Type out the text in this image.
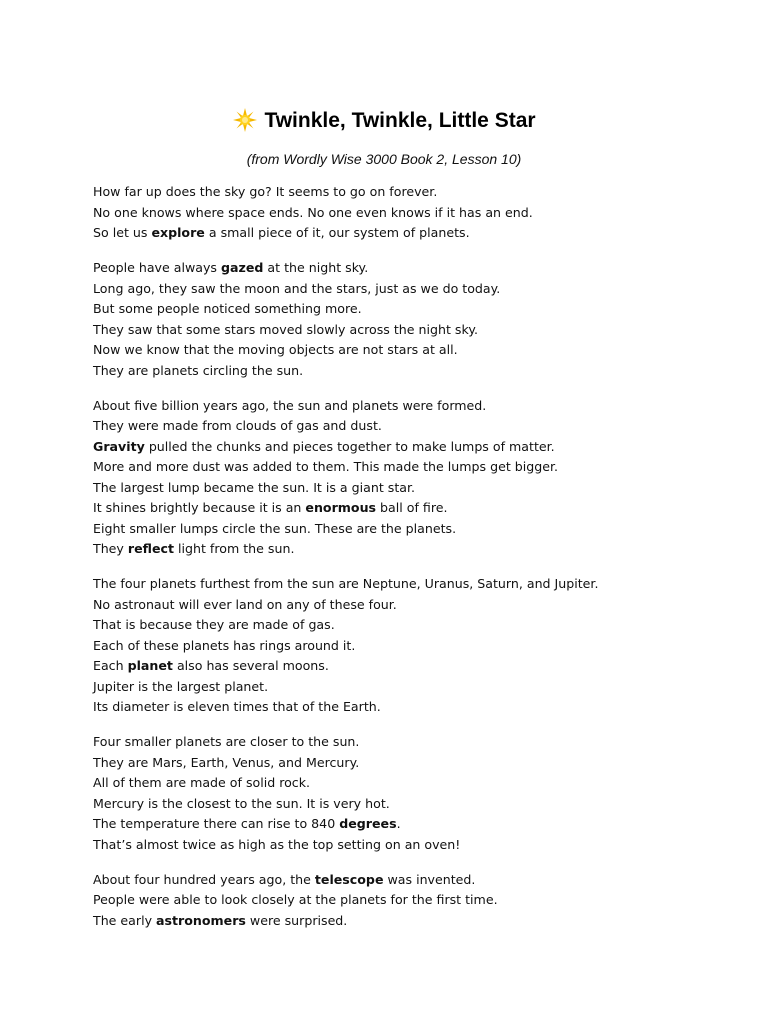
Twinkle, Twinkle, Little Star
(from Wordly Wise 3000 Book 2, Lesson 10)
How far up does the sky go? It seems to go on forever.
No one knows where space ends. No one even knows if it has an end.
So let us explore a small piece of it, our system of planets.
People have always gazed at the night sky.
Long ago, they saw the moon and the stars, just as we do today.
But some people noticed something more.
They saw that some stars moved slowly across the night sky.
Now we know that the moving objects are not stars at all.
They are planets circling the sun.
About five billion years ago, the sun and planets were formed.
They were made from clouds of gas and dust.
Gravity pulled the chunks and pieces together to make lumps of matter.
More and more dust was added to them. This made the lumps get bigger.
The largest lump became the sun. It is a giant star.
It shines brightly because it is an enormous ball of fire.
Eight smaller lumps circle the sun. These are the planets.
They reflect light from the sun.
The four planets furthest from the sun are Neptune, Uranus, Saturn, and Jupiter.
No astronaut will ever land on any of these four.
That is because they are made of gas.
Each of these planets has rings around it.
Each planet also has several moons.
Jupiter is the largest planet.
Its diameter is eleven times that of the Earth.
Four smaller planets are closer to the sun.
They are Mars, Earth, Venus, and Mercury.
All of them are made of solid rock.
Mercury is the closest to the sun. It is very hot.
The temperature there can rise to 840 degrees.
That’s almost twice as high as the top setting on an oven!
About four hundred years ago, the telescope was invented.
People were able to look closely at the planets for the first time.
The early astronomers were surprised.
